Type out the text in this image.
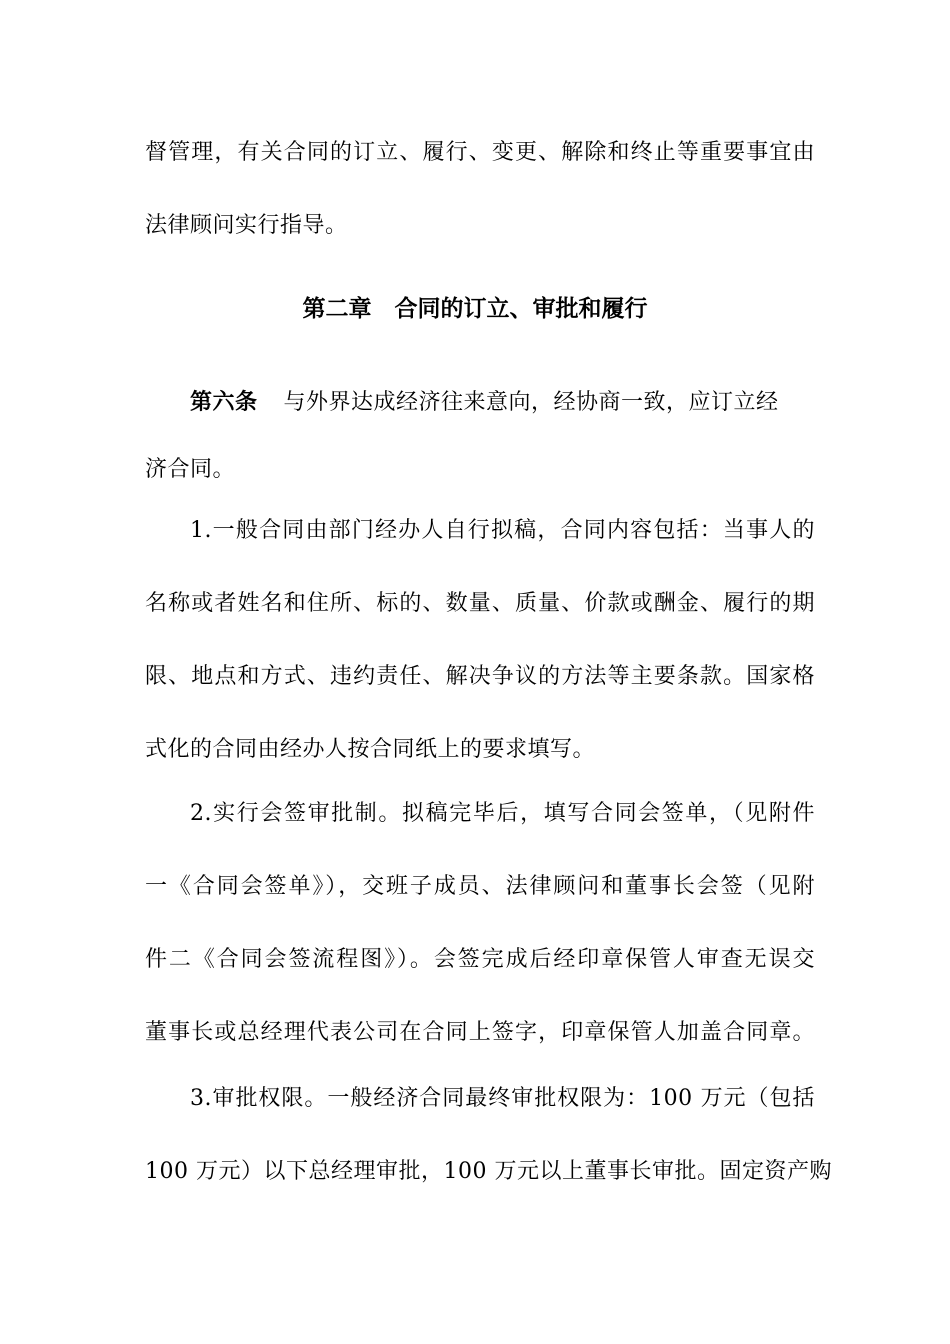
督管理，有关合同的订立、履行、变更、解除和终止等重要事宜由
法律顾问实行指导。
第二章　合同的订立、审批和履行
第六条 与外界达成经济往来意向，经协商一致，应订立经
济合同。
1.一般合同由部门经办人自行拟稿，合同内容包括：当事人的
名称或者姓名和住所、标的、数量、质量、价款或酬金、履行的期
限、地点和方式、违约责任、解决争议的方法等主要条款。国家格
式化的合同由经办人按合同纸上的要求填写。
2.实行会签审批制。拟稿完毕后，填写合同会签单，（见附件
一《合同会签单》），交班子成员、法律顾问和董事长会签（见附
件二《合同会签流程图》）。会签完成后经印章保管人审查无误交
董事长或总经理代表公司在合同上签字，印章保管人加盖合同章。
3.审批权限。一般经济合同最终审批权限为：100 万元（包括
100 万元）以下总经理审批，100 万元以上董事长审批。固定资产购
